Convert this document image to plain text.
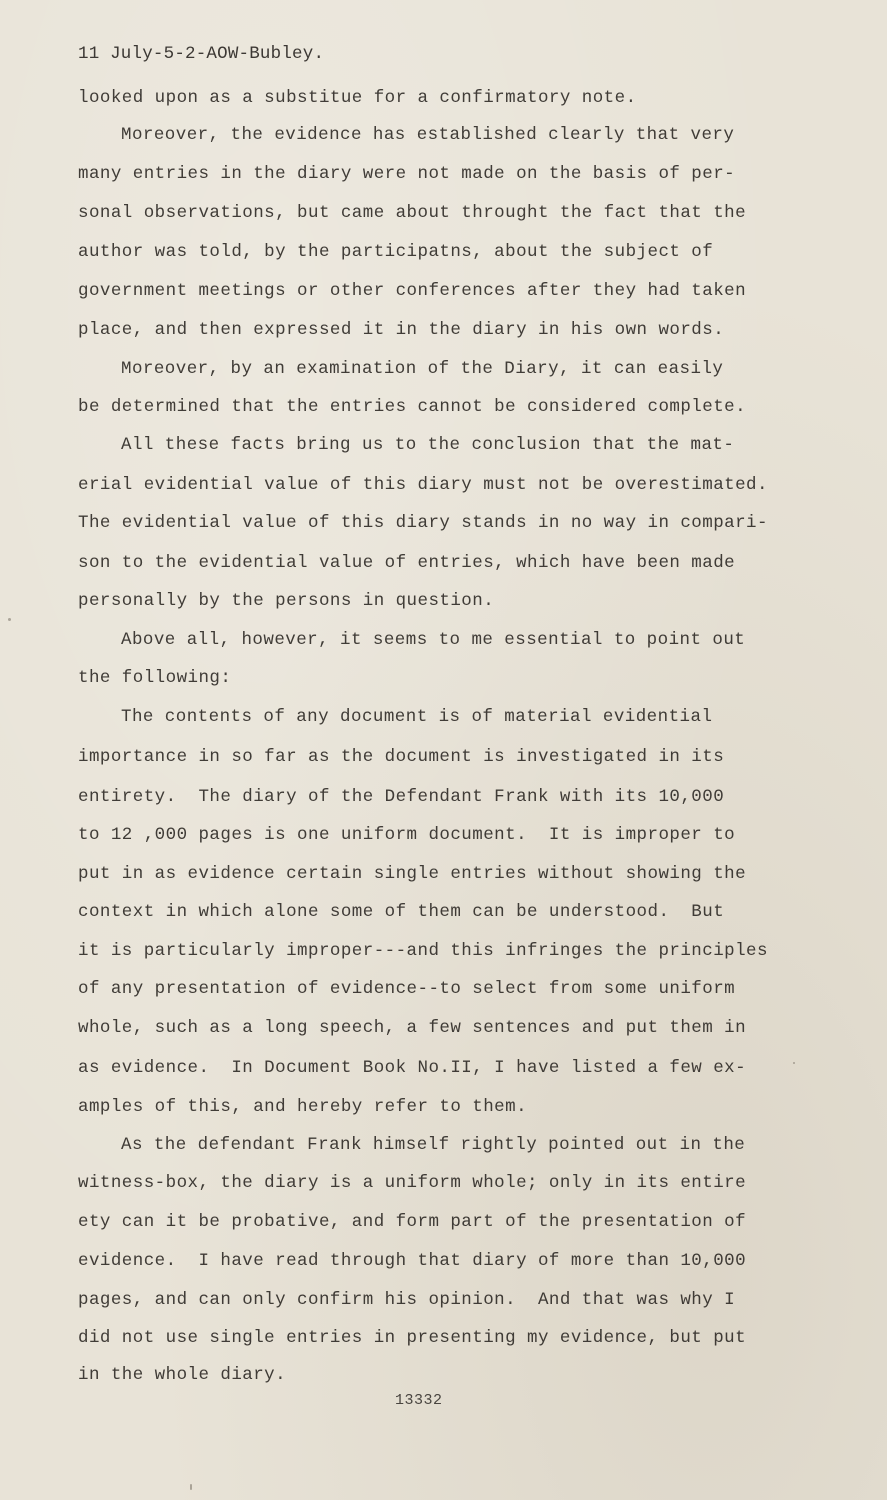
11 July-5-2​-AOW-Bubley.
looked upon as a substitue for a confirmatory note.
Moreover, the evidence has established clearly that very
many entries in the diary were not made on the basis of per-
sonal observations, but came about throught the fact that the
author was told, by the participatns, about the subject of
government meetings or other conferences after they had taken
place, and then expressed it in the diary in his own words.
Moreover, by an examination of the Diary, it can easily
be determined that the entries cannot be considered complete.
All these facts bring us to the conclusion that the mat-
erial evidential value of this diary must not be overestimated.
The evidential value of this diary stands in no way in compari-
son to the evidential value of entries, which have been made
personally by the persons in question.
Above all, however, it seems to me essential to point out
the following:
The contents of any document is of material evidential
importance in so far as the document is investigated in its
entirety.  The diary of the Defendant Frank with its 10,000
to 12 ,000 pages is one uniform document.  It is improper to
put in as evidence certain single entries without showing the
context in which alone some of them can be understood.  But
it is particularly improper---and this infringes the principles
of any presentation of evidence--to select from some uniform
whole, such as a long speech, a few sentences and put them in
as evidence.  In Document Book No.II, I have listed a few ex-
amples of this, and hereby refer to them.
As the defendant Frank himself rightly pointed out in the
witness-box, the diary is a uniform whole; only in its entire
ety can it be probative, and form part of the presentation of
evidence.  I have read through that diary of more than 10,000
pages, and can only confirm his opinion.  And that was why I
did not use single entries in presenting my evidence, but put
in the whole diary.
13332
